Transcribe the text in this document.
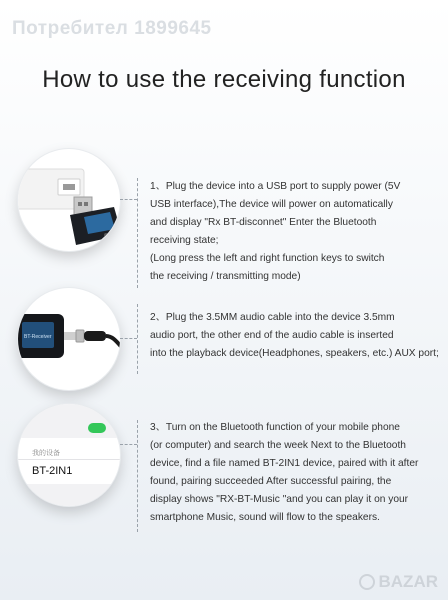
Потребител 1899645
How to use the receiving function
1、Plug the device into a USB port to supply power (5V
USB interface),The device will power on automatically
and display "Rx BT-disconnet" Enter the Bluetooth
receiving state;
(Long press the left and right function keys to switch
the receiving / transmitting mode)
BT-Receiver
2、Plug the 3.5MM audio cable into the device 3.5mm
audio port, the other end of the audio cable is inserted
into the playback device(Headphones, speakers, etc.) AUX port;
我的设备
BT-2IN1
3、Turn on the Bluetooth function of your mobile phone
(or computer) and search the week Next to the Bluetooth
device, find a file named BT-2IN1 device, paired with it after
found, pairing succeeded After successful pairing, the
display shows "RX-BT-Music "and you can play it on your
smartphone Music, sound will flow to the speakers.
BAZAR
